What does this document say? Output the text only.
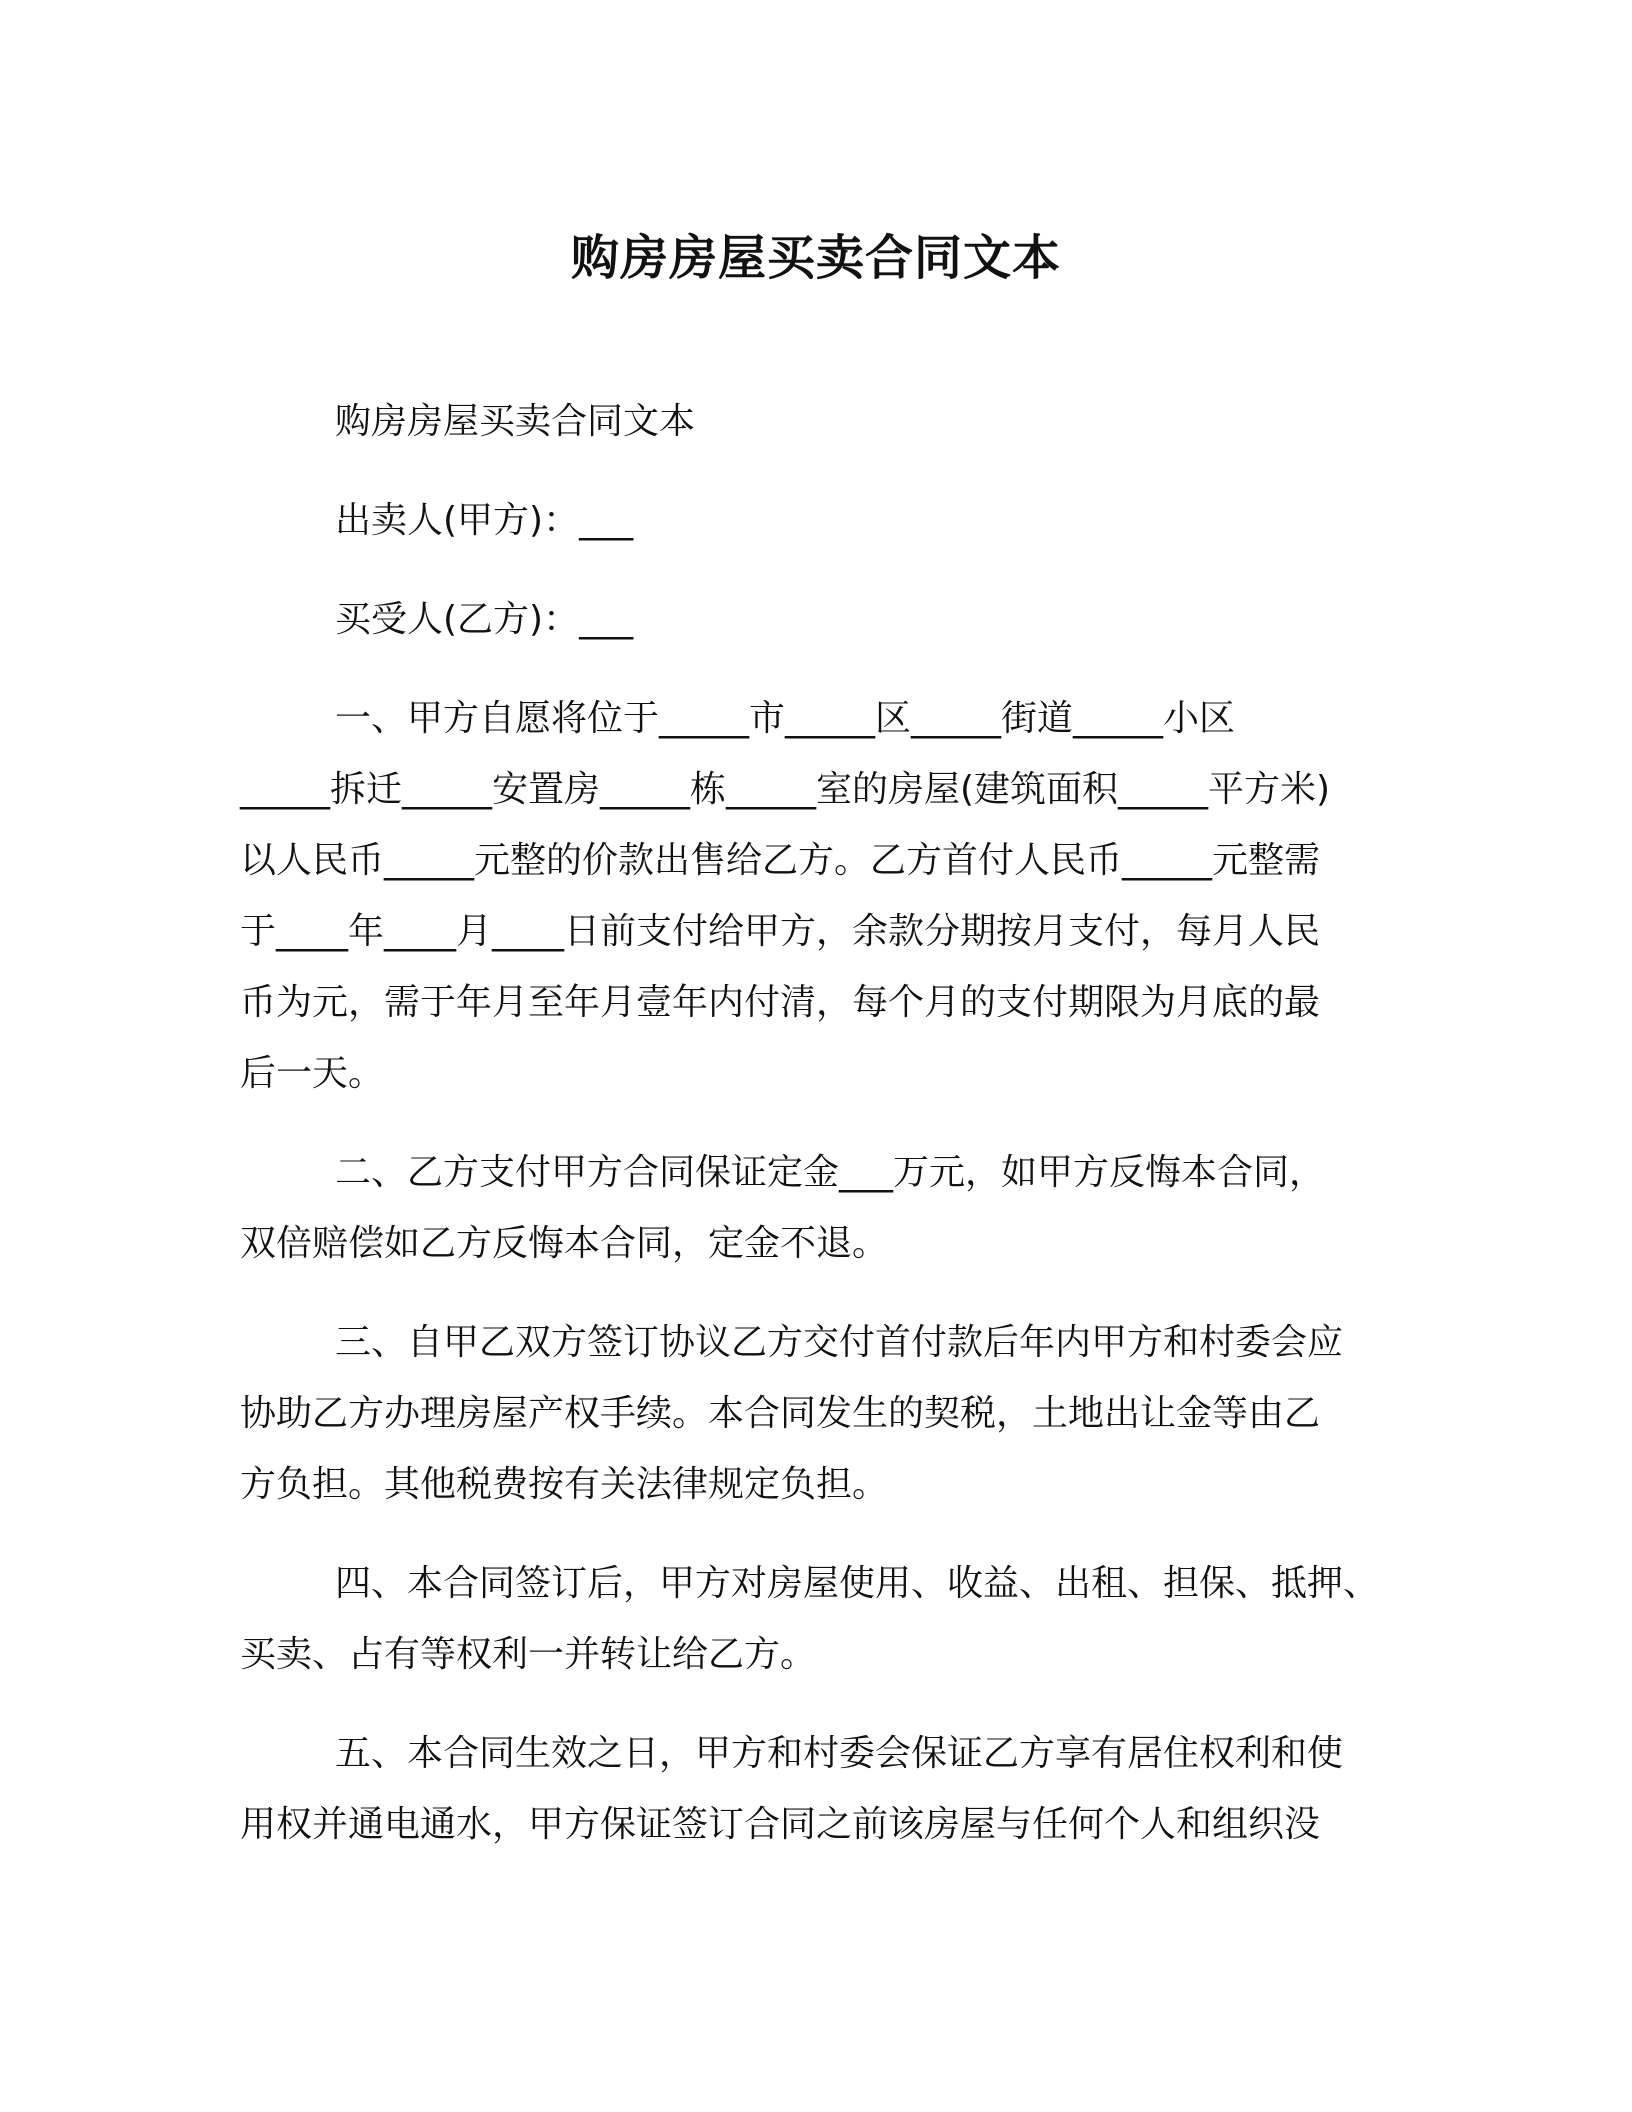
购房房屋买卖合同文本

购房房屋买卖合同文本

出卖人(甲方)：___

买受人(乙方)：___

一、甲方自愿将位于_____市_____区_____街道_____小区
_____拆迁_____安置房_____栋_____室的房屋(建筑面积_____平方米)
以人民币_____元整的价款出售给乙方。乙方首付人民币_____元整需
于____年____月____日前支付给甲方，余款分期按月支付，每月人民
币为元，需于年月至年月壹年内付清，每个月的支付期限为月底的最
后一天。

二、乙方支付甲方合同保证定金___万元，如甲方反悔本合同，
双倍赔偿如乙方反悔本合同，定金不退。

三、自甲乙双方签订协议乙方交付首付款后年内甲方和村委会应
协助乙方办理房屋产权手续。本合同发生的契税，土地出让金等由乙
方负担。其他税费按有关法律规定负担。

四、本合同签订后，甲方对房屋使用、收益、出租、担保、抵押、
买卖、占有等权利一并转让给乙方。

五、本合同生效之日，甲方和村委会保证乙方享有居住权利和使
用权并通电通水，甲方保证签订合同之前该房屋与任何个人和组织没
